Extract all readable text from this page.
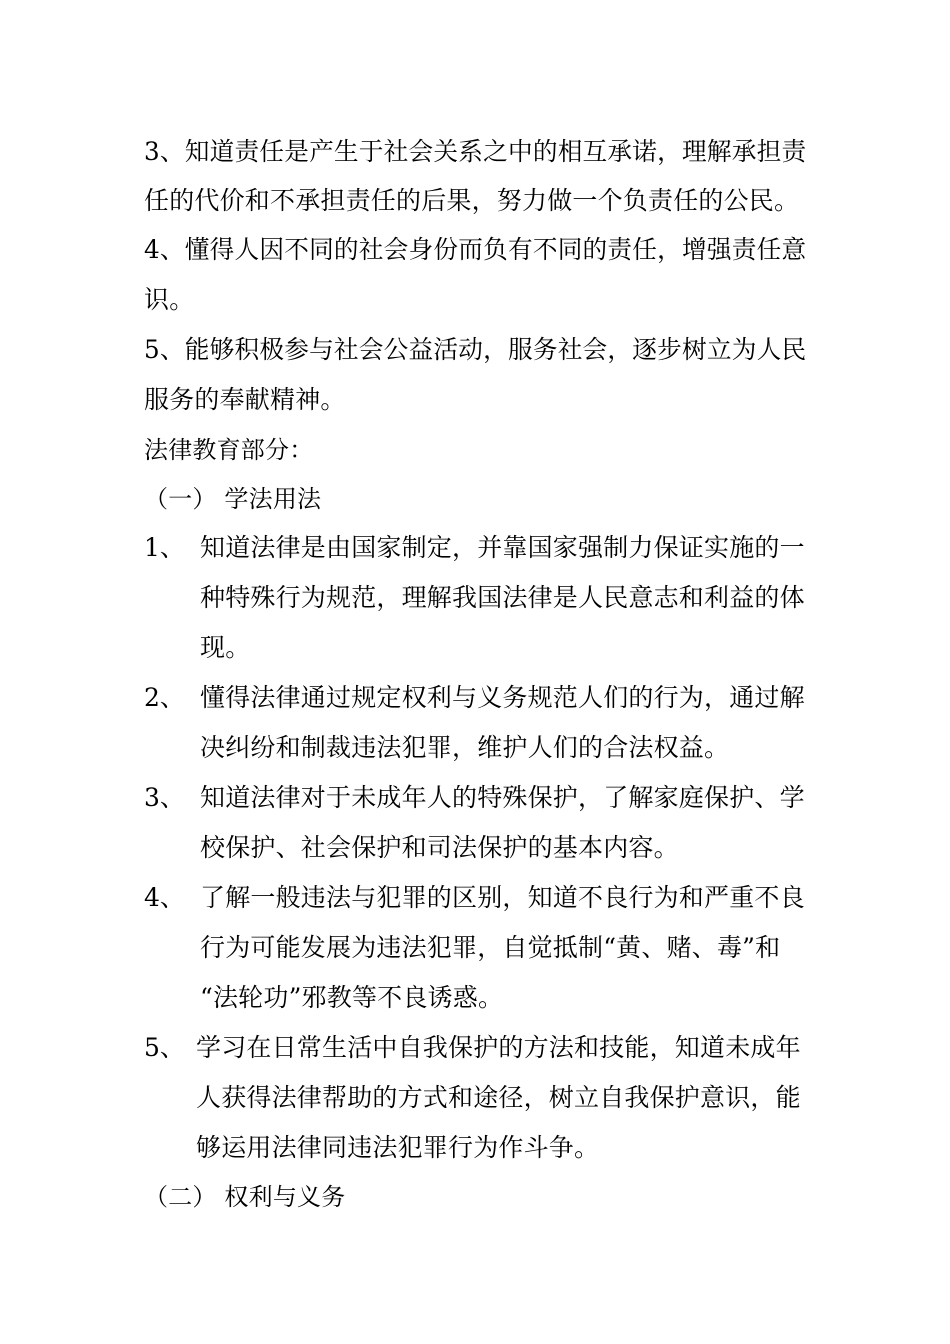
3、知道责任是产生于社会关系之中的相互承诺，理解承担责
任的代价和不承担责任的后果，努力做一个负责任的公民。
4、懂得人因不同的社会身份而负有不同的责任，增强责任意
识。
5、能够积极参与社会公益活动，服务社会，逐步树立为人民
服务的奉献精神。
法律教育部分：
（一） 学法用法
1、 知道法律是由国家制定，并靠国家强制力保证实施的一
种特殊行为规范，理解我国法律是人民意志和利益的体
现。
2、 懂得法律通过规定权利与义务规范人们的行为，通过解
决纠纷和制裁违法犯罪，维护人们的合法权益。
3、 知道法律对于未成年人的特殊保护，了解家庭保护、学
校保护、社会保护和司法保护的基本内容。
4、 了解一般违法与犯罪的区别，知道不良行为和严重不良
行为可能发展为违法犯罪，自觉抵制“黄、赌、毒”和
“法轮功”邪教等不良诱惑。
5、 学习在日常生活中自我保护的方法和技能，知道未成年
人获得法律帮助的方式和途径，树立自我保护意识，能
够运用法律同违法犯罪行为作斗争。
（二） 权利与义务
